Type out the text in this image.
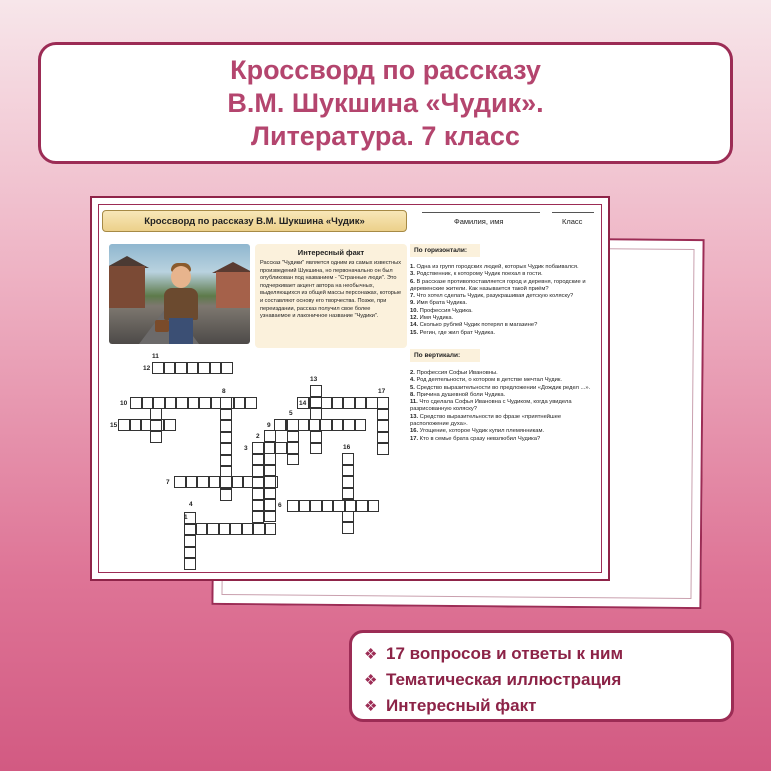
Кроссворд по рассказу
В.М. Шукшина «Чудик».
Литература. 7 класс
Кроссворд по рассказу В.М. Шукшина «Чудик»	Фамилия, имя	Класс
Интересный факт
Рассказ "Чудики" является одним из самых известных произведений Шукшина, но первоначально он был опубликован под названием - "Странные люди". Это подчеркивает акцент автора на необычных, выделяющихся из общей массы персонажах, которые и составляют основу его творчества. Позже, при переиздании, рассказ получил свое более узнаваемое и лаконичное название "Чудики".
1
2
3
4
5
6
7
8
9
10
11
12
13
14
15
16
17
По горизонтали:
1. Одна из групп городских людей, которых Чудик побаивался.
3. Родственник, к которому Чудик поехал в гости.
6. В рассказе противопоставляется город и деревня, городские и деревенские жители. Как называется такой приём?
7. Что хотел сделать Чудик, разукрашивая детскую коляску?
9. Имя брата Чудика.
10. Профессия Чудика.
12. Имя Чудика.
14. Сколько рублей Чудик потерял в магазине?
15. Регин, где жил брат Чудика.
По вертикали:
2. Профессия Софьи Ивановны.
4. Род деятельности, о котором в детстве мечтал Чудик.
5. Средство выразительности во предложении «Дождик редел ...».
8. Причина душевной боли Чудика.
11. Что сделала Софья Ивановна с Чудиком, когда увидела разрисованную коляску?
13. Средство выразительности во фразе «приятнейшее расположение духа».
16. Угощение, которое Чудик купил племянникам.
17. Кто в семье брата сразу невзлюбил Чудика?
❖ 17 вопросов и ответы к ним
❖ Тематическая иллюстрация
❖ Интересный факт
